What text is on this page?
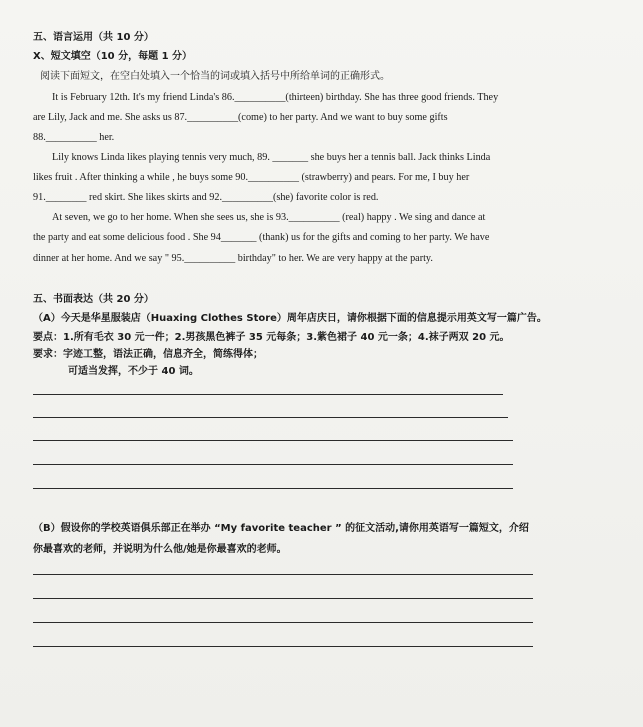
五、语言运用（共 10 分）
X、短文填空（10 分，每题 1 分）
阅读下面短文，在空白处填入一个恰当的词或填入括号中所给单词的正确形式。
It is February 12th. It's my friend Linda's 86.__________(thirteen) birthday. She has three good friends. They
are Lily, Jack and me. She asks us 87.__________(come) to her party. And we want to buy some gifts
88.__________ her.
Lily knows Linda likes playing tennis very much, 89. _______ she buys her a tennis ball. Jack thinks Linda
likes fruit . After thinking a while , he buys some 90.__________ (strawberry) and pears. For me, I buy her
91.________ red skirt. She likes skirts and 92.__________(she) favorite color is red.
At seven, we go to her home. When she sees us, she is 93.__________ (real) happy . We sing and dance at
the party and eat some delicious food . She 94_______ (thank) us for the gifts and coming to her party. We have
dinner at her home. And we say " 95.__________ birthday" to her. We are very happy at the party.
五、书面表达（共 20 分）
（A）今天是华星服装店（Huaxing Clothes Store）周年店庆日，请你根据下面的信息提示用英文写一篇广告。
要点：1.所有毛衣 30 元一件；2.男孩黑色裤子 35 元每条；3.紫色裙子 40 元一条；4.袜子两双 20 元。
要求：字迹工整，语法正确，信息齐全，简练得体；
可适当发挥，不少于 40 词。
（B）假设你的学校英语俱乐部正在举办 “My favorite teacher ” 的征文活动,请你用英语写一篇短文，介绍
你最喜欢的老师，并说明为什么他/她是你最喜欢的老师。
